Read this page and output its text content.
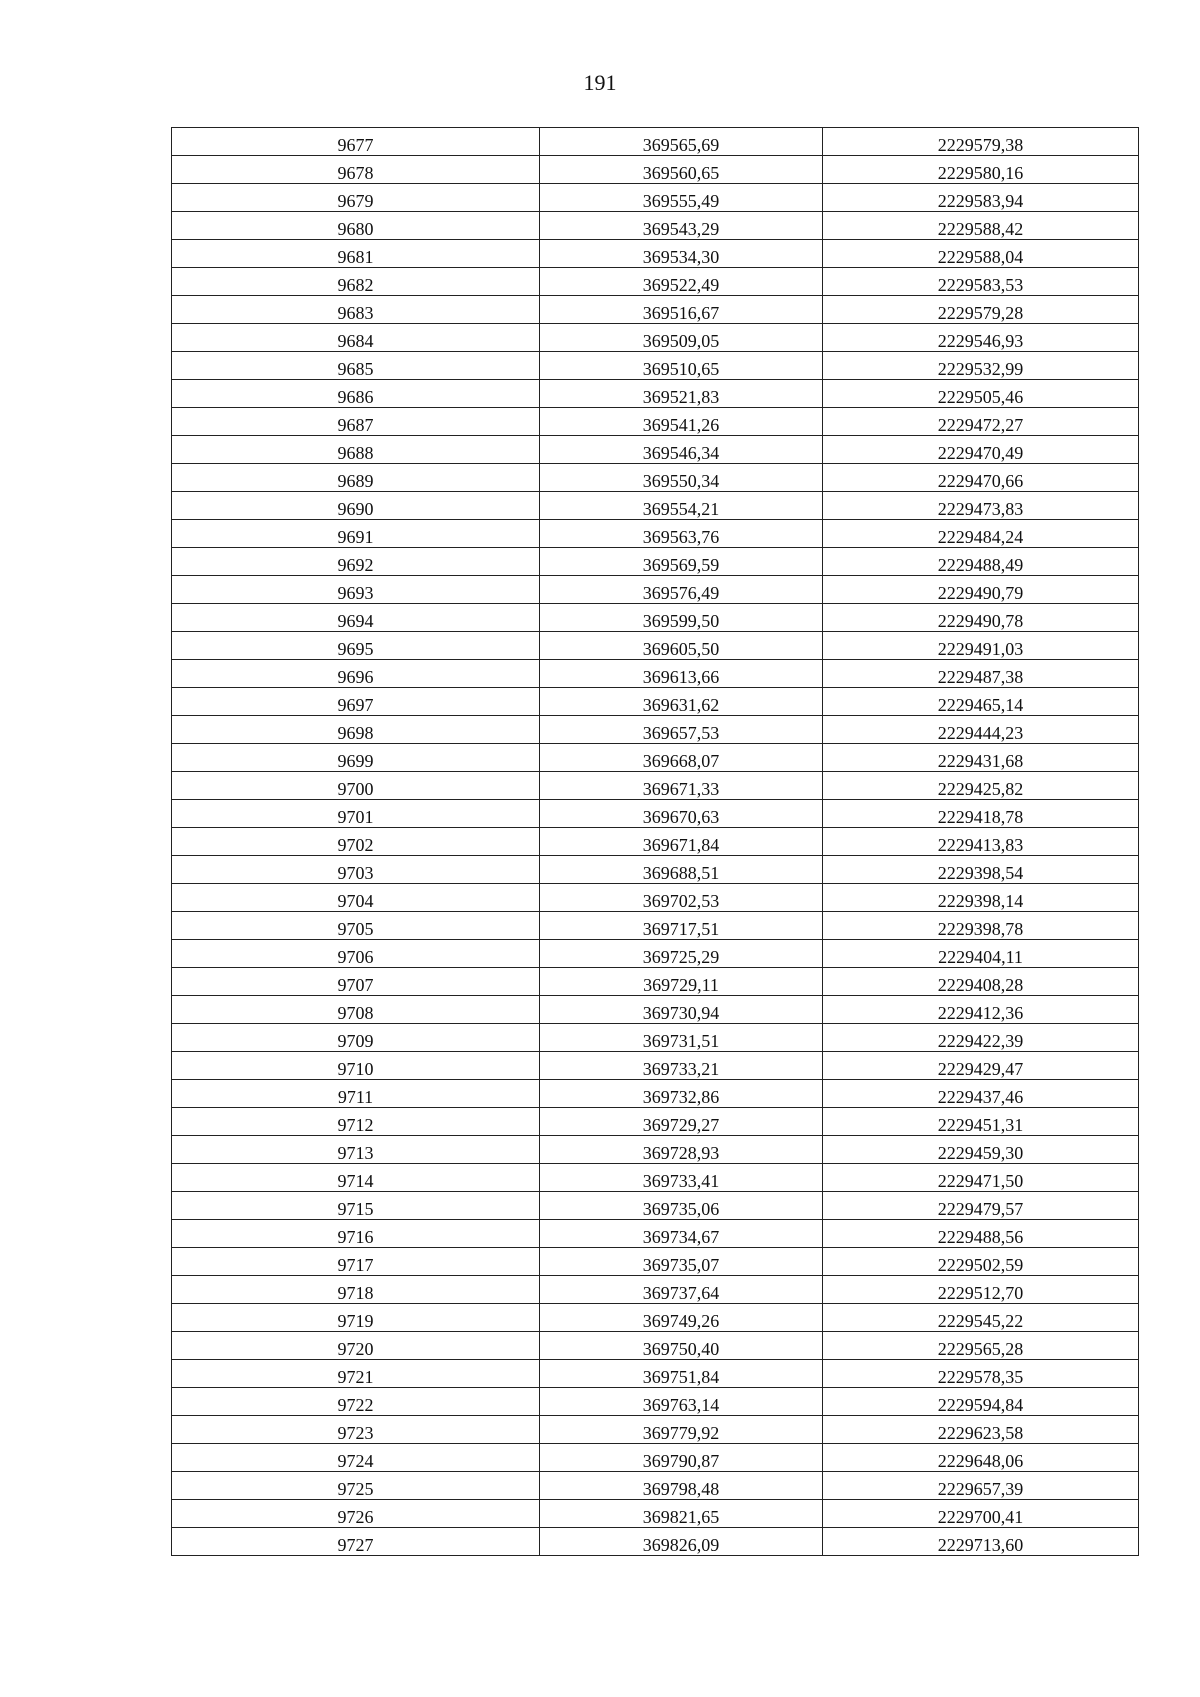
191
9677	369565,69	2229579,38
9678	369560,65	2229580,16
9679	369555,49	2229583,94
9680	369543,29	2229588,42
9681	369534,30	2229588,04
9682	369522,49	2229583,53
9683	369516,67	2229579,28
9684	369509,05	2229546,93
9685	369510,65	2229532,99
9686	369521,83	2229505,46
9687	369541,26	2229472,27
9688	369546,34	2229470,49
9689	369550,34	2229470,66
9690	369554,21	2229473,83
9691	369563,76	2229484,24
9692	369569,59	2229488,49
9693	369576,49	2229490,79
9694	369599,50	2229490,78
9695	369605,50	2229491,03
9696	369613,66	2229487,38
9697	369631,62	2229465,14
9698	369657,53	2229444,23
9699	369668,07	2229431,68
9700	369671,33	2229425,82
9701	369670,63	2229418,78
9702	369671,84	2229413,83
9703	369688,51	2229398,54
9704	369702,53	2229398,14
9705	369717,51	2229398,78
9706	369725,29	2229404,11
9707	369729,11	2229408,28
9708	369730,94	2229412,36
9709	369731,51	2229422,39
9710	369733,21	2229429,47
9711	369732,86	2229437,46
9712	369729,27	2229451,31
9713	369728,93	2229459,30
9714	369733,41	2229471,50
9715	369735,06	2229479,57
9716	369734,67	2229488,56
9717	369735,07	2229502,59
9718	369737,64	2229512,70
9719	369749,26	2229545,22
9720	369750,40	2229565,28
9721	369751,84	2229578,35
9722	369763,14	2229594,84
9723	369779,92	2229623,58
9724	369790,87	2229648,06
9725	369798,48	2229657,39
9726	369821,65	2229700,41
9727	369826,09	2229713,60
